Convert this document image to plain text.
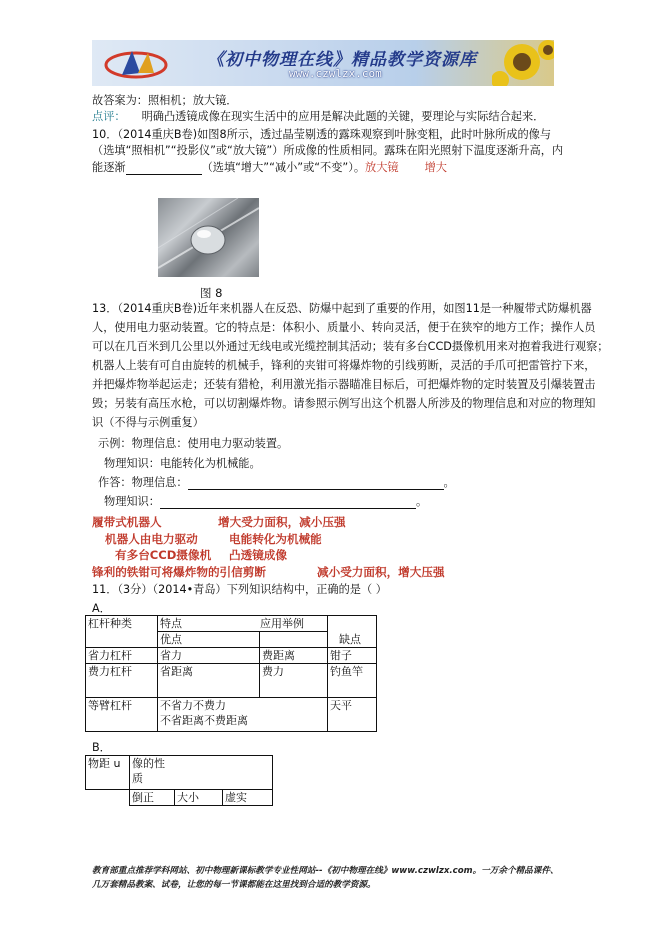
《初中物理在线》精品教学资源库
www.czwlzx.com
故答案为：照相机；放大镜．
点评： 明确凸透镜成像在现实生活中的应用是解决此题的关键，要理论与实际结合起来．
10．（2014重庆B卷)如图8所示，透过晶莹剔透的露珠观察到叶脉变粗，此时叶脉所成的像与
（选填“照相机”“投影仪”或“放大镜”）所成像的性质相同。露珠在阳光照射下温度逐渐升高，内
能逐渐	（选填“增大”“减小”或“不变”）。放大镜 增大
图 8
13．（2014重庆B卷)近年来机器人在反恐、防爆中起到了重要的作用，如图11是一种履带式防爆机器
人，使用电力驱动装置。它的特点是：体积小、质量小、转向灵活，便于在狭窄的地方工作；操作人员
可以在几百米到几公里以外通过无线电或光缆控制其活动；装有多台CCD摄像机用来对抱着我进行观察；
机器人上装有可自由旋转的机械手，锋利的夹钳可将爆炸物的引线剪断，灵活的手爪可把雷管拧下来，
并把爆炸物举起运走；还装有猎枪，利用激光指示器瞄准目标后，可把爆炸物的定时装置及引爆装置击
毁；另装有高压水枪，可以切割爆炸物。请参照示例写出这个机器人所涉及的物理信息和对应的物理知
识（不得与示例重复）
示例：物理信息：使用电力驱动装置。
物理知识：电能转化为机械能。
作答：物理信息：	。
物理知识：	。
履带式机器人	增大受力面积，减小压强
机器人由电力驱动	电能转化为机械能
有多台CCD摄像机 凸透镜成像
锋利的铁钳可将爆炸物的引信剪断	减小受力面积，增大压强
11．（3分）（2014•青岛）下列知识结构中，正确的是（ ）
A．
杠杆种类	特点		应用举例
	优点	缺点	
省力杠杆	省力	费距离	钳子
费力杠杆	省距离	费力	钓鱼竿
等臂杠杆	不省力不费力
不省距离不费距离		天平
B．
物距 u	像的性质		

	倒正	大小	虚实
教育部重点推荐学科网站、初中物理新课标教学专业性网站--《初中物理在线》www.czwlzx.com。一万余个精品课件、
几万套精品教案、试卷，让您的每一节课都能在这里找到合适的教学资源。
